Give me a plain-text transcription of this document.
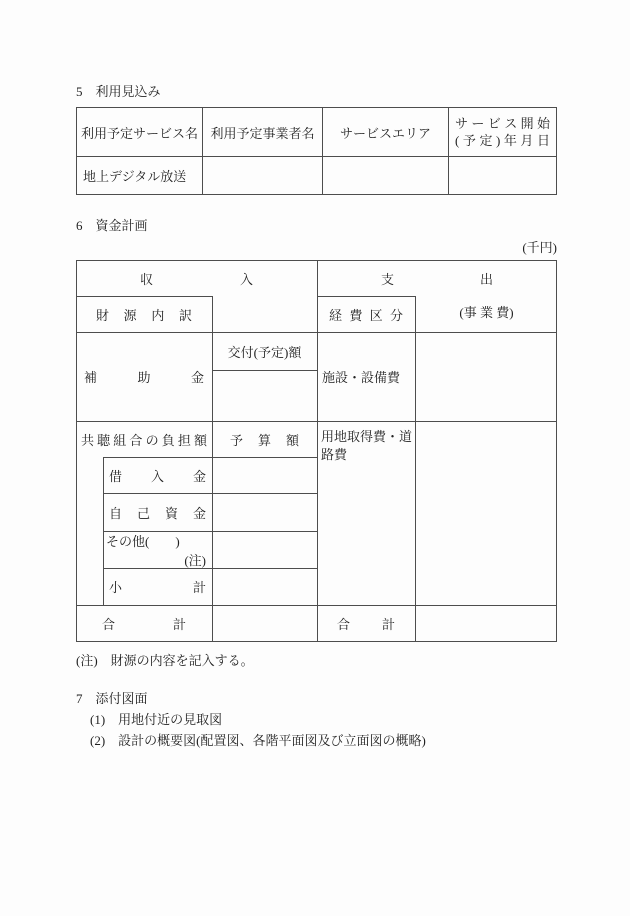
5　利用見込み
利用予定サービス名 利用予定事業者名	サービスエリア
サービス開始
(予定)年月日
地上デジタル放送
6　資金計画
(千円)
収入
財源内訳
支出
(事 業 費)
経費区分
補助金
交付(予定)額
共聴組合の負担額 予算額
借入金
自己資金
その他(　　)
(注)
小計
合計
施設・設備費
用地取得費・道路費
合計
(注)　財源の内容を記入する。
7　添付図面
(1)　用地付近の見取図
(2)　設計の概要図(配置図、各階平面図及び立面図の概略)
